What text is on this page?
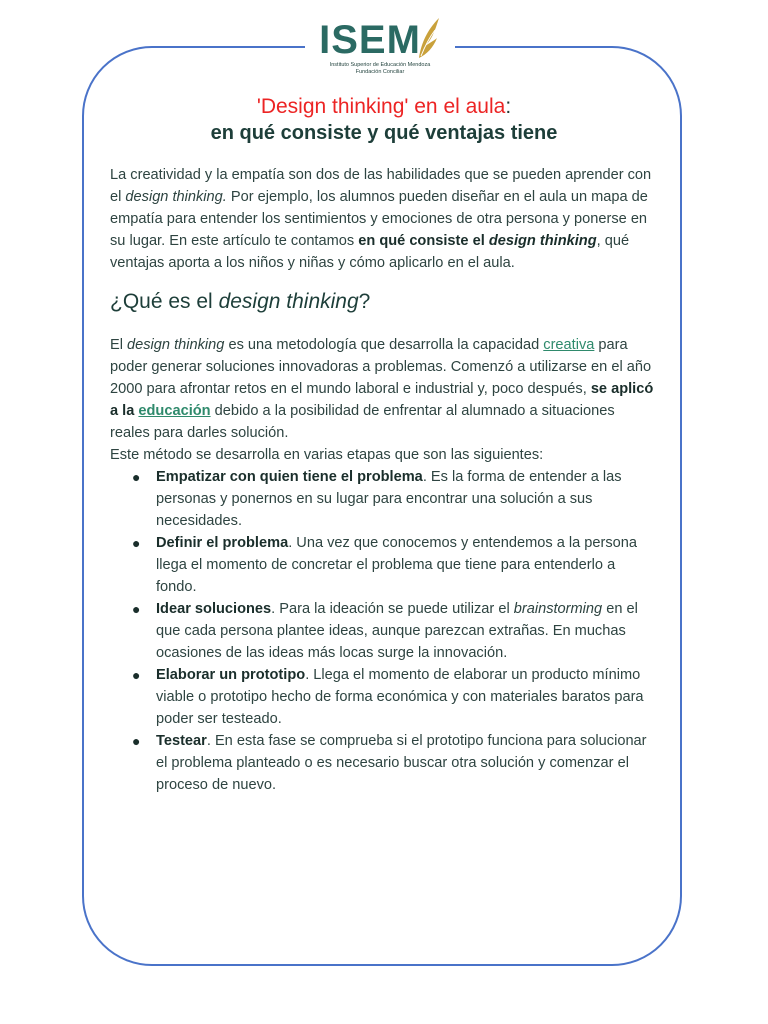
ISEM
Instituto Superior de Educación Mendoza
Fundación Conciliar
'Design thinking' en el aula:
en qué consiste y qué ventajas tiene

La creatividad y la empatía son dos de las habilidades que se pueden aprender con el design thinking. Por ejemplo, los alumnos pueden diseñar en el aula un mapa de empatía para entender los sentimientos y emociones de otra persona y ponerse en su lugar. En este artículo te contamos en qué consiste el design thinking, qué ventajas aporta a los niños y niñas y cómo aplicarlo en el aula.

¿Qué es el design thinking?

El design thinking es una metodología que desarrolla la capacidad creativa para poder generar soluciones innovadoras a problemas. Comenzó a utilizarse en el año 2000 para afrontar retos en el mundo laboral e industrial y, poco después, se aplicó a la educación debido a la posibilidad de enfrentar al alumnado a situaciones reales para darles solución.

Este método se desarrolla en varias etapas que son las siguientes:

● Empatizar con quien tiene el problema. Es la forma de entender a las personas y ponernos en su lugar para encontrar una solución a sus necesidades.
● Definir el problema. Una vez que conocemos y entendemos a la persona llega el momento de concretar el problema que tiene para entenderlo a fondo.
● Idear soluciones. Para la ideación se puede utilizar el brainstorming en el que cada persona plantee ideas, aunque parezcan extrañas. En muchas ocasiones de las ideas más locas surge la innovación.
● Elaborar un prototipo. Llega el momento de elaborar un producto mínimo viable o prototipo hecho de forma económica y con materiales baratos para poder ser testeado.
● Testear. En esta fase se comprueba si el prototipo funciona para solucionar el problema planteado o es necesario buscar otra solución y comenzar el proceso de nuevo.
